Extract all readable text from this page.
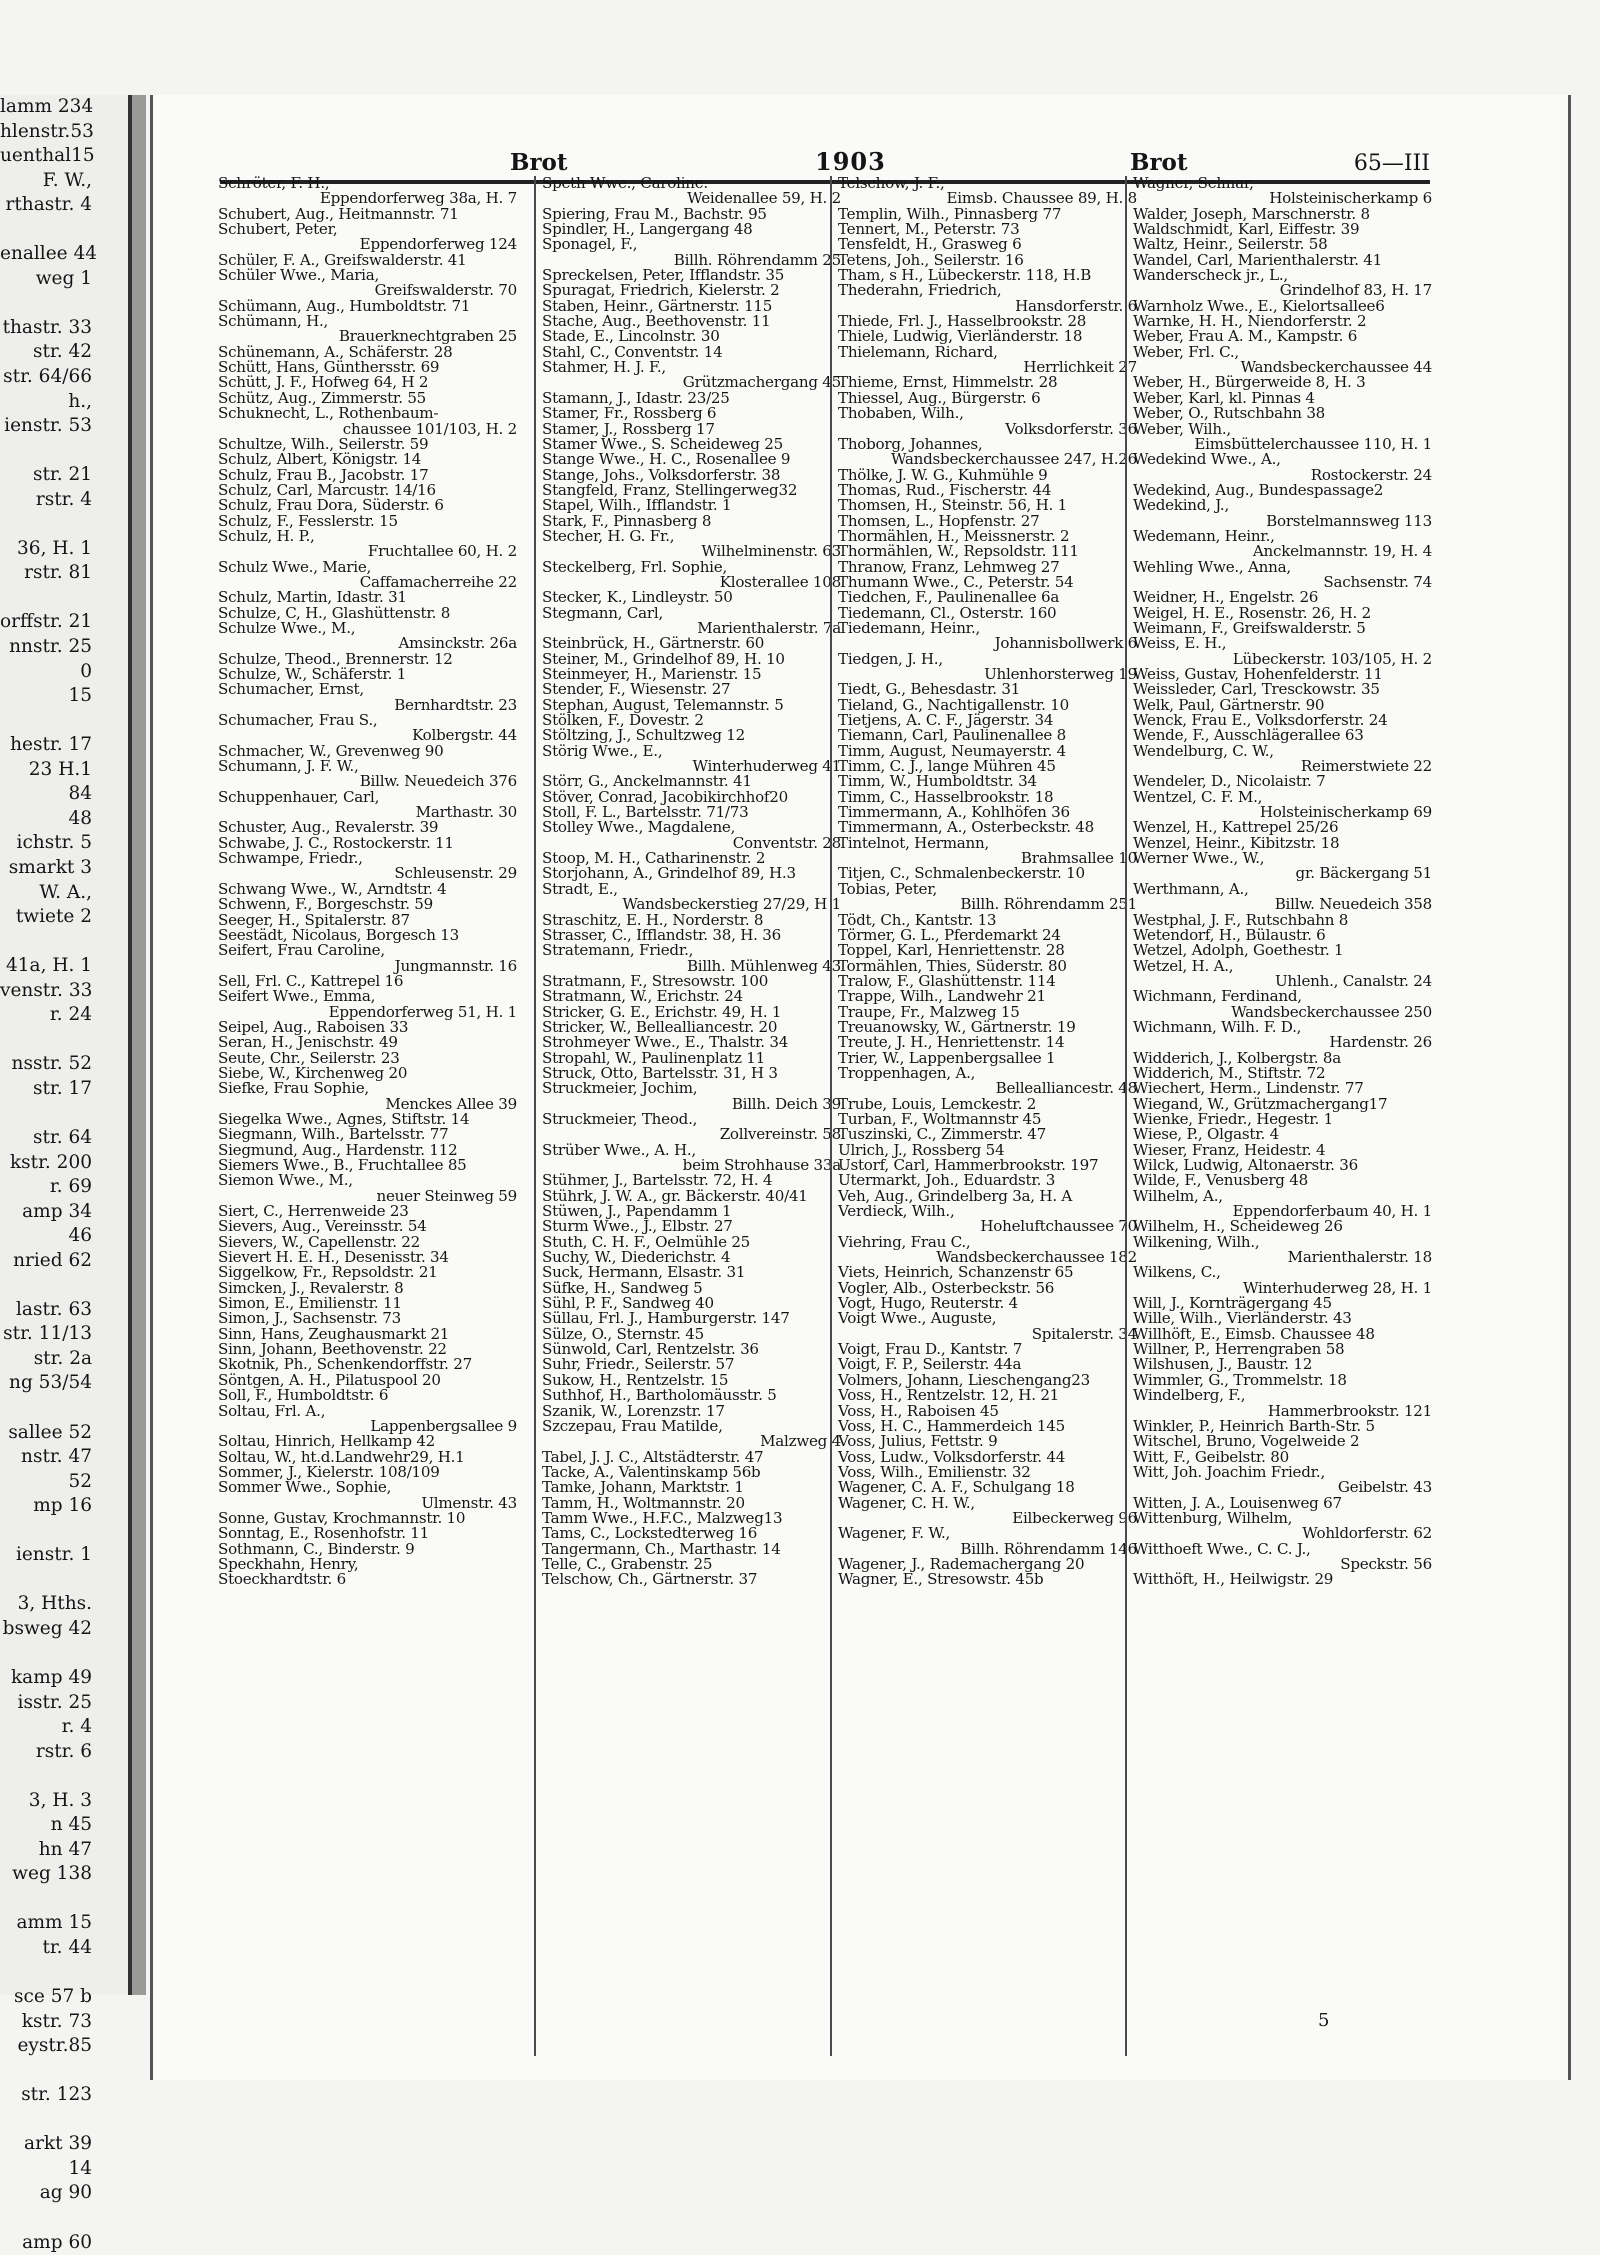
lamm 234
hlenstr.53
uenthal15
F. W.,
rthastr. 4
enallee 44
weg 1
thastr. 33
str. 42
str. 64/66
h.,
ienstr. 53
str. 21
rstr. 4
36, H. 1
rstr. 81
orffstr. 21
nnstr. 25
0
15
hestr. 17
23 H.1
84
48
ichstr. 5
smarkt 3
W. A.,
twiete 2
41a, H. 1
venstr. 33
r. 24
nsstr. 52
str. 17
str. 64
kstr. 200
r. 69
amp 34
46
nried 62
lastr. 63
str. 11/13
str. 2a
ng 53/54
sallee 52
nstr. 47
52
mp 16
ienstr. 1
3, Hths.
bsweg 42
kamp 49
isstr. 25
r. 4
rstr. 6
3, H. 3
n 45
hn 47
weg 138
amm 15
tr. 44
sce 57 b
kstr. 73
eystr.85
str. 123
arkt 39
14
ag 90
amp 60
Brot	1903	Brot	65—III
Schröter, F. H.,
Eppendorferweg 38a, H. 7
Schubert, Aug., Heitmannstr. 71
Schubert, Peter,
Eppendorferweg 124
Schüler, F. A., Greifswalderstr. 41
Schüler Wwe., Maria,
Greifswalderstr. 70
Schümann, Aug., Humboldtstr. 71
Schümann, H.,
Brauerknechtgraben 25
Schünemann, A., Schäferstr. 28
Schütt, Hans, Günthersstr. 69
Schütt, J. F., Hofweg 64, H 2
Schütz, Aug., Zimmerstr. 55
Schuknecht, L., Rothenbaum-
chaussee 101/103, H. 2
Schultze, Wilh., Seilerstr. 59
Schulz, Albert, Königstr. 14
Schulz, Frau B., Jacobstr. 17
Schulz, Carl, Marcustr. 14/16
Schulz, Frau Dora, Süderstr. 6
Schulz, F., Fesslerstr. 15
Schulz, H. P.,
Fruchtallee 60, H. 2
Schulz Wwe., Marie,
Caffamacherreihe 22
Schulz, Martin, Idastr. 31
Schulze, C, H., Glashüttenstr. 8
Schulze Wwe., M.,
Amsinckstr. 26a
Schulze, Theod., Brennerstr. 12
Schulze, W., Schäferstr. 1
Schumacher, Ernst,
Bernhardtstr. 23
Schumacher, Frau S.,
Kolbergstr. 44
Schmacher, W., Grevenweg 90
Schumann, J. F. W.,
Billw. Neuedeich 376
Schuppenhauer, Carl,
Marthastr. 30
Schuster, Aug., Revalerstr. 39
Schwabe, J. C., Rostockerstr. 11
Schwampe, Friedr.,
Schleusenstr. 29
Schwang Wwe., W., Arndtstr. 4
Schwenn, F., Borgeschstr. 59
Seeger, H., Spitalerstr. 87
Seestädt, Nicolaus, Borgesch 13
Seifert, Frau Caroline,
Jungmannstr. 16
Sell, Frl. C., Kattrepel 16
Seifert Wwe., Emma,
Eppendorferweg 51, H. 1
Seipel, Aug., Raboisen 33
Seran, H., Jenischstr. 49
Seute, Chr., Seilerstr. 23
Siebe, W., Kirchenweg 20
Siefke, Frau Sophie,
Menckes Allee 39
Siegelka Wwe., Agnes, Stiftstr. 14
Siegmann, Wilh., Bartelsstr. 77
Siegmund, Aug., Hardenstr. 112
Siemers Wwe., B., Fruchtallee 85
Siemon Wwe., M.,
neuer Steinweg 59
Siert, C., Herrenweide 23
Sievers, Aug., Vereinsstr. 54
Sievers, W., Capellenstr. 22
Sievert H. E. H., Desenisstr. 34
Siggelkow, Fr., Repsoldstr. 21
Simcken, J., Revalerstr. 8
Simon, E., Emilienstr. 11
Simon, J., Sachsenstr. 73
Sinn, Hans, Zeughausmarkt 21
Sinn, Johann, Beethovenstr. 22
Skotnik, Ph., Schenkendorffstr. 27
Söntgen, A. H., Pilatuspool 20
Soll, F., Humboldtstr. 6
Soltau, Frl. A.,
Lappenbergsallee 9
Soltau, Hinrich, Hellkamp 42
Soltau, W., ht.d.Landwehr29, H.1
Sommer, J., Kielerstr. 108/109
Sommer Wwe., Sophie,
Ulmenstr. 43
Sonne, Gustav, Krochmannstr. 10
Sonntag, E., Rosenhofstr. 11
Sothmann, C., Binderstr. 9
Speckhahn, Henry,
Stoeckhardtstr. 6
Speth Wwe., Caroline.
Weidenallee 59, H. 2
Spiering, Frau M., Bachstr. 95
Spindler, H., Langergang 48
Sponagel, F.,
Billh. Röhrendamm 25
Spreckelsen, Peter, Ifflandstr. 35
Spuragat, Friedrich, Kielerstr. 2
Staben, Heinr., Gärtnerstr. 115
Stache, Aug., Beethovenstr. 11
Stade, E., Lincolnstr. 30
Stahl, C., Conventstr. 14
Stahmer, H. J. F.,
Grützmachergang 45
Stamann, J., Idastr. 23/25
Stamer, Fr., Rossberg 6
Stamer, J., Rossberg 17
Stamer Wwe., S. Scheideweg 25
Stange Wwe., H. C., Rosenallee 9
Stange, Johs., Volksdorferstr. 38
Stangfeld, Franz, Stellingerweg32
Stapel, Wilh., Ifflandstr. 1
Stark, F., Pinnasberg 8
Stecher, H. G. Fr.,
Wilhelminenstr. 63
Steckelberg, Frl. Sophie,
Klosterallee 108
Stecker, K., Lindleystr. 50
Stegmann, Carl,
Marienthalerstr. 7a
Steinbrück, H., Gärtnerstr. 60
Steiner, M., Grindelhof 89, H. 10
Steinmeyer, H., Marienstr. 15
Stender, F., Wiesenstr. 27
Stephan, August, Telemannstr. 5
Stölken, F., Dovestr. 2
Stöltzing, J., Schultzweg 12
Störig Wwe., E.,
Winterhuderweg 41
Störr, G., Anckelmannstr. 41
Stöver, Conrad, Jacobikirchhof20
Stoll, F. L., Bartelsstr. 71/73
Stolley Wwe., Magdalene,
Conventstr. 28
Stoop, M. H., Catharinenstr. 2
Storjohann, A., Grindelhof 89, H.3
Stradt, E.,
Wandsbeckerstieg 27/29, H 1
Straschitz, E. H., Norderstr. 8
Strasser, C., Ifflandstr. 38, H. 36
Stratemann, Friedr.,
Billh. Mühlenweg 43
Stratmann, F., Stresowstr. 100
Stratmann, W., Erichstr. 24
Stricker, G. E., Erichstr. 49, H. 1
Stricker, W., Bellealliancestr. 20
Strohmeyer Wwe., E., Thalstr. 34
Stropahl, W., Paulinenplatz 11
Struck, Otto, Bartelsstr. 31, H 3
Struckmeier, Jochim,
Billh. Deich 39
Struckmeier, Theod.,
Zollvereinstr. 58
Strüber Wwe., A. H.,
beim Strohhause 33a
Stühmer, J., Bartelsstr. 72, H. 4
Stührk, J. W. A., gr. Bäckerstr. 40/41
Stüwen, J., Papendamm 1
Sturm Wwe., J., Elbstr. 27
Stuth, C. H. F., Oelmühle 25
Suchy, W., Diederichstr. 4
Suck, Hermann, Elsastr. 31
Süfke, H., Sandweg 5
Sühl, P. F., Sandweg 40
Süllau, Frl. J., Hamburgerstr. 147
Sülze, O., Sternstr. 45
Sünwold, Carl, Rentzelstr. 36
Suhr, Friedr., Seilerstr. 57
Sukow, H., Rentzelstr. 15
Suthhof, H., Bartholomäusstr. 5
Szanik, W., Lorenzstr. 17
Szczepau, Frau Matilde,
Malzweg 4
Tabel, J. J. C., Altstädterstr. 47
Tacke, A., Valentinskamp 56b
Tamke, Johann, Marktstr. 1
Tamm, H., Woltmannstr. 20
Tamm Wwe., H.F.C., Malzweg13
Tams, C., Lockstedterweg 16
Tangermann, Ch., Marthastr. 14
Telle, C., Grabenstr. 25
Telschow, Ch., Gärtnerstr. 37
Telschow, J. F.,
Eimsb. Chaussee 89, H. 8
Templin, Wilh., Pinnasberg 77
Tennert, M., Peterstr. 73
Tensfeldt, H., Grasweg 6
Tetens, Joh., Seilerstr. 16
Tham, s H., Lübeckerstr. 118, H.B
Thederahn, Friedrich,
Hansdorferstr. 6
Thiede, Frl. J., Hasselbrookstr. 28
Thiele, Ludwig, Vierländerstr. 18
Thielemann, Richard,
Herrlichkeit 27
Thieme, Ernst, Himmelstr. 28
Thiessel, Aug., Bürgerstr. 6
Thobaben, Wilh.,
Volksdorferstr. 36
Thoborg, Johannes,
Wandsbeckerchaussee 247, H.26
Thölke, J. W. G., Kuhmühle 9
Thomas, Rud., Fischerstr. 44
Thomsen, H., Steinstr. 56, H. 1
Thomsen, L., Hopfenstr. 27
Thormählen, H., Meissnerstr. 2
Thormählen, W., Repsoldstr. 111
Thranow, Franz, Lehmweg 27
Thumann Wwe., C., Peterstr. 54
Tiedchen, F., Paulinenallee 6a
Tiedemann, Cl., Osterstr. 160
Tiedemann, Heinr.,
Johannisbollwerk 6
Tiedgen, J. H.,
Uhlenhorsterweg 19
Tiedt, G., Behesdastr. 31
Tieland, G., Nachtigallenstr. 10
Tietjens, A. C. F., Jägerstr. 34
Tiemann, Carl, Paulinenallee 8
Timm, August, Neumayerstr. 4
Timm, C. J., lange Mühren 45
Timm, W., Humboldtstr. 34
Timm, C., Hasselbrookstr. 18
Timmermann, A., Kohlhöfen 36
Timmermann, A., Osterbeckstr. 48
Tintelnot, Hermann,
Brahmsallee 10
Titjen, C., Schmalenbeckerstr. 10
Tobias, Peter,
Billh. Röhrendamm 251
Tödt, Ch., Kantstr. 13
Törmer, G. L., Pferdemarkt 24
Toppel, Karl, Henriettenstr. 28
Tormählen, Thies, Süderstr. 80
Tralow, F., Glashüttenstr. 114
Trappe, Wilh., Landwehr 21
Traupe, Fr., Malzweg 15
Treuanowsky, W., Gärtnerstr. 19
Treute, J. H., Henriettenstr. 14
Trier, W., Lappenbergsallee 1
Troppenhagen, A.,
Bellealliancestr. 48
Trube, Louis, Lemckestr. 2
Turban, F., Woltmannstr 45
Tuszinski, C., Zimmerstr. 47
Ulrich, J., Rossberg 54
Ustorf, Carl, Hammerbrookstr. 197
Utermarkt, Joh., Eduardstr. 3
Veh, Aug., Grindelberg 3a, H. A
Verdieck, Wilh.,
Hoheluftchaussee 70
Viehring, Frau C.,
Wandsbeckerchaussee 182
Viets, Heinrich, Schanzenstr 65
Vogler, Alb., Osterbeckstr. 56
Vogt, Hugo, Reuterstr. 4
Voigt Wwe., Auguste,
Spitalerstr. 34
Voigt, Frau D., Kantstr. 7
Voigt, F. P., Seilerstr. 44a
Volmers, Johann, Lieschengang23
Voss, H., Rentzelstr. 12, H. 21
Voss, H., Raboisen 45
Voss, H. C., Hammerdeich 145
Voss, Julius, Fettstr. 9
Voss, Ludw., Volksdorferstr. 44
Voss, Wilh., Emilienstr. 32
Wagener, C. A. F., Schulgang 18
Wagener, C. H. W.,
Eilbeckerweg 96
Wagener, F. W.,
Billh. Röhrendamm 146
Wagener, J., Rademachergang 20
Wagner, E., Stresowstr. 45b
Wagner, Selmar,
Holsteinischerkamp 6
Walder, Joseph, Marschnerstr. 8
Waldschmidt, Karl, Eiffestr. 39
Waltz, Heinr., Seilerstr. 58
Wandel, Carl, Marienthalerstr. 41
Wanderscheck jr., L.,
Grindelhof 83, H. 17
Warnholz Wwe., E., Kielortsallee6
Warnke, H. H., Niendorferstr. 2
Weber, Frau A. M., Kampstr. 6
Weber, Frl. C.,
Wandsbeckerchaussee 44
Weber, H., Bürgerweide 8, H. 3
Weber, Karl, kl. Pinnas 4
Weber, O., Rutschbahn 38
Weber, Wilh.,
Eimsbüttelerchaussee 110, H. 1
Wedekind Wwe., A.,
Rostockerstr. 24
Wedekind, Aug., Bundespassage2
Wedekind, J.,
Borstelmannsweg 113
Wedemann, Heinr.,
Anckelmannstr. 19, H. 4
Wehling Wwe., Anna,
Sachsenstr. 74
Weidner, H., Engelstr. 26
Weigel, H. E., Rosenstr. 26, H. 2
Weimann, F., Greifswalderstr. 5
Weiss, E. H.,
Lübeckerstr. 103/105, H. 2
Weiss, Gustav, Hohenfelderstr. 11
Weissleder, Carl, Tresckowstr. 35
Welk, Paul, Gärtnerstr. 90
Wenck, Frau E., Volksdorferstr. 24
Wende, F., Ausschlägerallee 63
Wendelburg, C. W.,
Reimerstwiete 22
Wendeler, D., Nicolaistr. 7
Wentzel, C. F. M.,
Holsteinischerkamp 69
Wenzel, H., Kattrepel 25/26
Wenzel, Heinr., Kibitzstr. 18
Werner Wwe., W.,
gr. Bäckergang 51
Werthmann, A.,
Billw. Neuedeich 358
Westphal, J. F., Rutschbahn 8
Wetendorf, H., Bülaustr. 6
Wetzel, Adolph, Goethestr. 1
Wetzel, H. A.,
Uhlenh., Canalstr. 24
Wichmann, Ferdinand,
Wandsbeckerchaussee 250
Wichmann, Wilh. F. D.,
Hardenstr. 26
Widderich, J., Kolbergstr. 8a
Widderich, M., Stiftstr. 72
Wiechert, Herm., Lindenstr. 77
Wiegand, W., Grützmachergang17
Wienke, Friedr., Hegestr. 1
Wiese, P., Olgastr. 4
Wieser, Franz, Heidestr. 4
Wilck, Ludwig, Altonaerstr. 36
Wilde, F., Venusberg 48
Wilhelm, A.,
Eppendorferbaum 40, H. 1
Wilhelm, H., Scheideweg 26
Wilkening, Wilh.,
Marienthalerstr. 18
Wilkens, C.,
Winterhuderweg 28, H. 1
Will, J., Kornträgergang 45
Wille, Wilh., Vierländerstr. 43
Willhöft, E., Eimsb. Chaussee 48
Willner, P., Herrengraben 58
Wilshusen, J., Baustr. 12
Wimmler, G., Trommelstr. 18
Windelberg, F.,
Hammerbrookstr. 121
Winkler, P., Heinrich Barth-Str. 5
Witschel, Bruno, Vogelweide 2
Witt, F., Geibelstr. 80
Witt, Joh. Joachim Friedr.,
Geibelstr. 43
Witten, J. A., Louisenweg 67
Wittenburg, Wilhelm,
Wohldorferstr. 62
Witthoeft Wwe., C. C. J.,
Speckstr. 56
Witthöft, H., Heilwigstr. 29
5
